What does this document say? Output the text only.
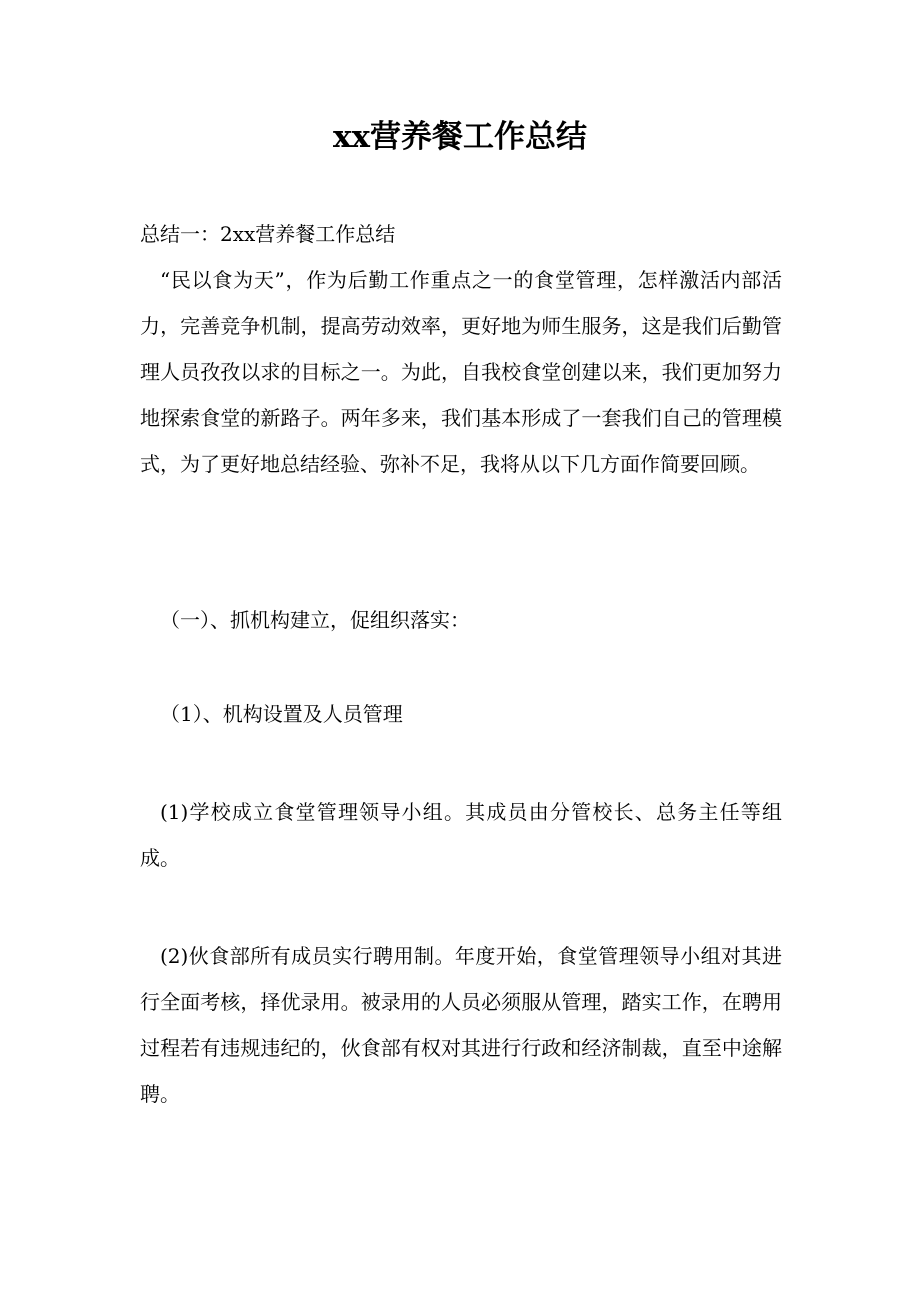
xx营养餐工作总结

总结一：2xx营养餐工作总结

“民以食为天”，作为后勤工作重点之一的食堂管理，怎样激活内部活力，完善竞争机制，提高劳动效率，更好地为师生服务，这是我们后勤管理人员孜孜以求的目标之一。为此，自我校食堂创建以来，我们更加努力地探索食堂的新路子。两年多来，我们基本形成了一套我们自己的管理模式，为了更好地总结经验、弥补不足，我将从以下几方面作简要回顾。

（一）、抓机构建立，促组织落实：

（1）、机构设置及人员管理

(1)学校成立食堂管理领导小组。其成员由分管校长、总务主任等组成。

(2)伙食部所有成员实行聘用制。年度开始，食堂管理领导小组对其进行全面考核，择优录用。被录用的人员必须服从管理，踏实工作，在聘用过程若有违规违纪的，伙食部有权对其进行行政和经济制裁，直至中途解聘。
